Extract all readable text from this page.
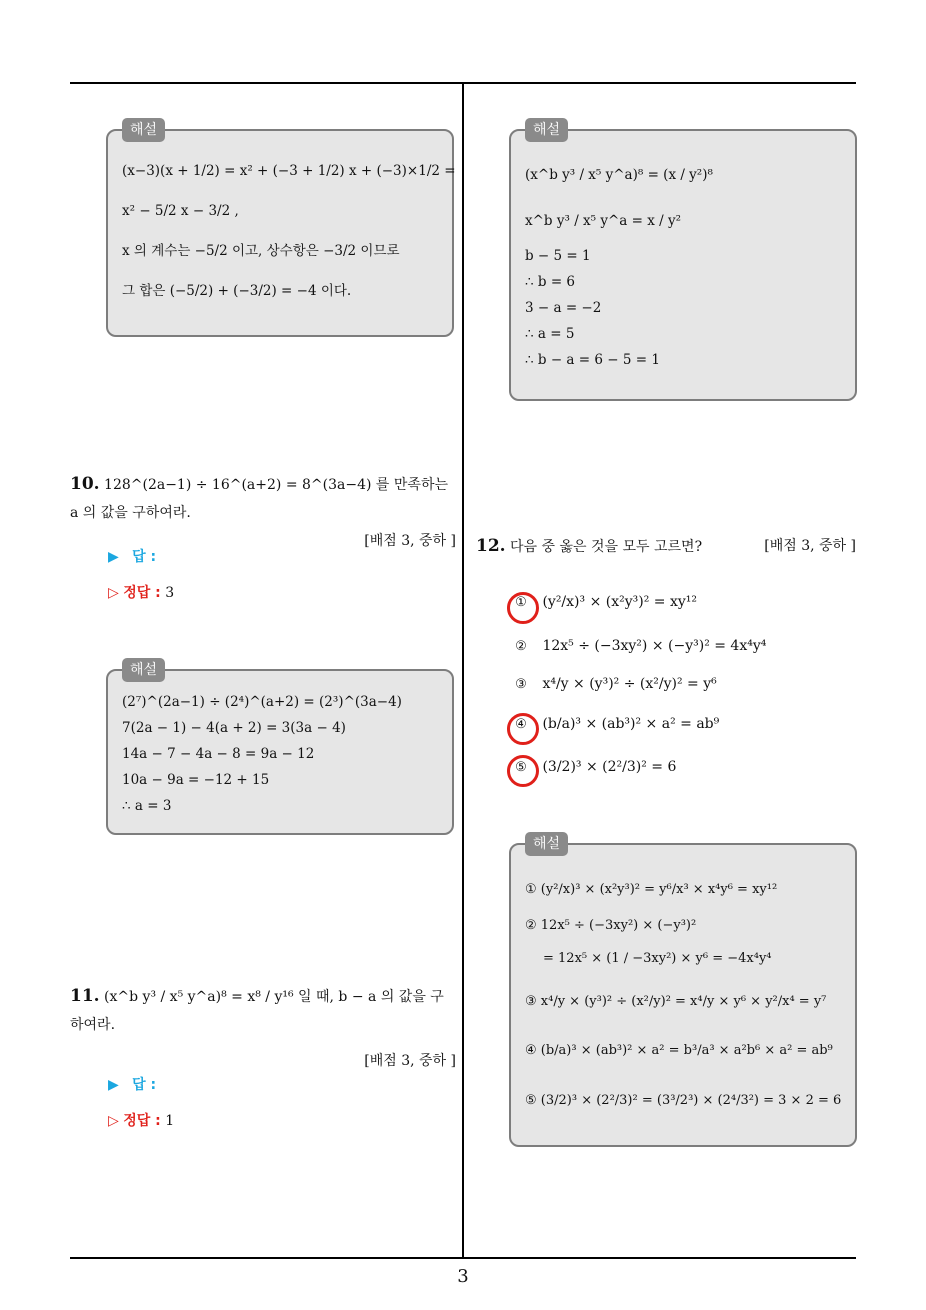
해설
(x−3)(x + 1/2) = x² + (−3 + 1/2) x + (−3)×1/2 =
x² − 5/2 x − 3/2 ,
x 의 계수는 −5/2 이고, 상수항은 −3/2 이므로
그 합은 (−5/2) + (−3/2) = −4 이다.
해설
(x^b y³ / x⁵ y^a)⁸ = (x / y²)⁸
x^b y³ / x⁵ y^a = x / y²
b − 5 = 1
∴ b = 6
3 − a = −2
∴ a = 5
∴ b − a = 6 − 5 = 1
10. 128^(2a−1) ÷ 16^(a+2) = 8^(3a−4) 를 만족하는 a 의 값을 구하여라.
[배점 3, 중하 ]
▶ 답 :
▷ 정답 : 3
해설
(2⁷)^(2a−1) ÷ (2⁴)^(a+2) = (2³)^(3a−4)
7(2a − 1) − 4(a + 2) = 3(3a − 4)
14a − 7 − 4a − 8 = 9a − 12
10a − 9a = −12 + 15
∴ a = 3
11. (x^b y³ / x⁵ y^a)⁸ = x⁸ / y¹⁶ 일 때, b − a 의 값을 구하여라.
[배점 3, 중하 ]
▶ 답 :
▷ 정답 : 1
12. 다음 중 옳은 것을 모두 고르면?	[배점 3, 중하 ]
① (y²/x)³ × (x²y³)² = xy¹²
② 12x⁵ ÷ (−3xy²) × (−y³)² = 4x⁴y⁴
③ x⁴/y × (y³)² ÷ (x²/y)² = y⁶
④ (b/a)³ × (ab³)² × a² = ab⁹
⑤ (3/2)³ × (2²/3)² = 6
해설
① (y²/x)³ × (x²y³)² = y⁶/x³ × x⁴y⁶ = xy¹²
② 12x⁵ ÷ (−3xy²) × (−y³)²
= 12x⁵ × (1 / −3xy²) × y⁶ = −4x⁴y⁴
③ x⁴/y × (y³)² ÷ (x²/y)² = x⁴/y × y⁶ × y²/x⁴ = y⁷
④ (b/a)³ × (ab³)² × a² = b³/a³ × a²b⁶ × a² = ab⁹
⑤ (3/2)³ × (2²/3)² = (3³/2³) × (2⁴/3²) = 3 × 2 = 6
3
